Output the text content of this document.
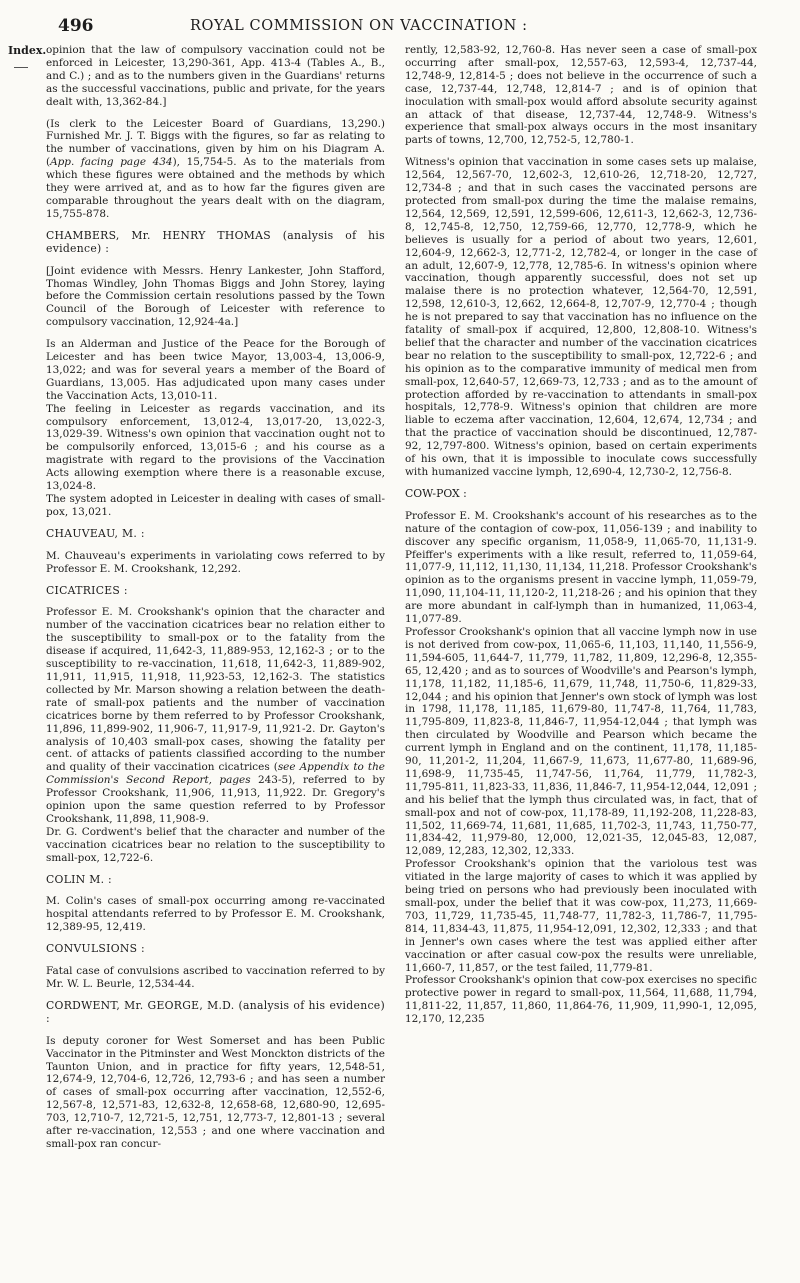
496	ROYAL COMMISSION ON VACCINATION :
Index. opinion that the law of compulsory vaccination could not be enforced in Leicester, 13,290-361, App. 413-4 (Tables A., B., and C.) ; and as to the numbers given in the Guardians' returns as the successful vaccinations, public and private, for the years dealt with, 13,362-84.]

(Is clerk to the Leicester Board of Guardians, 13,290.) Furnished Mr. J. T. Biggs with the figures, so far as relating to the number of vaccinations, given by him on his Diagram A. (App. facing page 434), 15,754-5. As to the materials from which these figures were obtained and the methods by which they were arrived at, and as to how far the figures given are comparable throughout the years dealt with on the diagram, 15,755-878.

CHAMBERS, Mr. HENRY THOMAS (analysis of his evidence) :

[Joint evidence with Messrs. Henry Lankester, John Stafford, Thomas Windley, John Thomas Biggs and John Storey, laying before the Commission certain resolutions passed by the Town Council of the Borough of Leicester with reference to compulsory vaccination, 12,924-4a.]

Is an Alderman and Justice of the Peace for the Borough of Leicester and has been twice Mayor, 13,003-4, 13,006-9, 13,022; and was for several years a member of the Board of Guardians, 13,005. Has adjudicated upon many cases under the Vaccination Acts, 13,010-11.

The feeling in Leicester as regards vaccination, and its compulsory enforcement, 13,012-4, 13,017-20, 13,022-3, 13,029-39. Witness's own opinion that vaccination ought not to be compulsorily enforced, 13,015-6 ; and his course as a magistrate with regard to the provisions of the Vaccination Acts allowing exemption where there is a reasonable excuse, 13,024-8.

The system adopted in Leicester in dealing with cases of small-pox, 13,021.

CHAUVEAU, M. :

M. Chauveau's experiments in variolating cows referred to by Professor E. M. Crookshank, 12,292.

CICATRICES :

Professor E. M. Crookshank's opinion that the character and number of the vaccination cicatrices bear no relation either to the susceptibility to small-pox or to the fatality from the disease if acquired, 11,642-3, 11,889-953, 12,162-3 ; or to the susceptibility to re-vaccination, 11,618, 11,642-3, 11,889-902, 11,911, 11,915, 11,918, 11,923-53, 12,162-3. The statistics collected by Mr. Marson showing a relation between the death-rate of small-pox patients and the number of vaccination cicatrices borne by them referred to by Professor Crookshank, 11,896, 11,899-902, 11,906-7, 11,917-9, 11,921-2. Dr. Gayton's analysis of 10,403 small-pox cases, showing the fatality per cent. of attacks of patients classified according to the number and quality of their vaccination cicatrices (see Appendix to the Commission's Second Report, pages 243-5), referred to by Professor Crookshank, 11,906, 11,913, 11,922. Dr. Gregory's opinion upon the same question referred to by Professor Crookshank, 11,898, 11,908-9.

Dr. G. Cordwent's belief that the character and number of the vaccination cicatrices bear no relation to the susceptibility to small-pox, 12,722-6.

COLIN M. :

M. Colin's cases of small-pox occurring among re-vaccinated hospital attendants referred to by Professor E. M. Crookshank, 12,389-95, 12,419.

CONVULSIONS :

Fatal case of convulsions ascribed to vaccination referred to by Mr. W. L. Beurle, 12,534-44.

CORDWENT, Mr. GEORGE, M.D. (analysis of his evidence) :

Is deputy coroner for West Somerset and has been Public Vaccinator in the Pitminster and West Monckton districts of the Taunton Union, and in practice for fifty years, 12,548-51, 12,674-9, 12,704-6, 12,726, 12,793-6 ; and has seen a number of cases of small-pox occurring after vaccination, 12,552-6, 12,567-8, 12,571-83, 12,632-8, 12,658-68, 12,680-90, 12,695-703, 12,710-7, 12,721-5, 12,751, 12,773-7, 12,801-13 ; several after re-vaccination, 12,553 ; and one where vaccination and small-pox ran concur-

rently, 12,583-92, 12,760-8. Has never seen a case of small-pox occurring after small-pox, 12,557-63, 12,593-4, 12,737-44, 12,748-9, 12,814-5 ; does not believe in the occurrence of such a case, 12,737-44, 12,748, 12,814-7 ; and is of opinion that inoculation with small-pox would afford absolute security against an attack of that disease, 12,737-44, 12,748-9. Witness's experience that small-pox always occurs in the most insanitary parts of towns, 12,700, 12,752-5, 12,780-1.

Witness's opinion that vaccination in some cases sets up malaise, 12,564, 12,567-70, 12,602-3, 12,610-26, 12,718-20, 12,727, 12,734-8 ; and that in such cases the vaccinated persons are protected from small-pox during the time the malaise remains, 12,564, 12,569, 12,591, 12,599-606, 12,611-3, 12,662-3, 12,736-8, 12,745-8, 12,750, 12,759-66, 12,770, 12,778-9, which he believes is usually for a period of about two years, 12,601, 12,604-9, 12,662-3, 12,771-2, 12,782-4, or longer in the case of an adult, 12,607-9, 12,778, 12,785-6. In witness's opinion where vaccination, though apparently successful, does not set up malaise there is no protection whatever, 12,564-70, 12,591, 12,598, 12,610-3, 12,662, 12,664-8, 12,707-9, 12,770-4 ; though he is not prepared to say that vaccination has no influence on the fatality of small-pox if acquired, 12,800, 12,808-10. Witness's belief that the character and number of the vaccination cicatrices bear no relation to the susceptibility to small-pox, 12,722-6 ; and his opinion as to the comparative immunity of medical men from small-pox, 12,640-57, 12,669-73, 12,733 ; and as to the amount of protection afforded by re-vaccination to attendants in small-pox hospitals, 12,778-9. Witness's opinion that children are more liable to eczema after vaccination, 12,604, 12,674, 12,734 ; and that the practice of vaccination should be discontinued, 12,787-92, 12,797-800. Witness's opinion, based on certain experiments of his own, that it is impossible to inoculate cows successfully with humanized vaccine lymph, 12,690-4, 12,730-2, 12,756-8.

COW-POX :

Professor E. M. Crookshank's account of his researches as to the nature of the contagion of cow-pox, 11,056-139 ; and inability to discover any specific organism, 11,058-9, 11,065-70, 11,131-9. Pfeiffer's experiments with a like result, referred to, 11,059-64, 11,077-9, 11,112, 11,130, 11,134, 11,218. Professor Crookshank's opinion as to the organisms present in vaccine lymph, 11,059-79, 11,090, 11,104-11, 11,120-2, 11,218-26 ; and his opinion that they are more abundant in calf-lymph than in humanized, 11,063-4, 11,077-89.

Professor Crookshank's opinion that all vaccine lymph now in use is not derived from cow-pox, 11,065-6, 11,103, 11,140, 11,556-9, 11,594-605, 11,644-7, 11,779, 11,782, 11,809, 12,296-8, 12,355-65, 12,420 ; and as to sources of Woodville's and Pearson's lymph, 11,178, 11,182, 11,185-6, 11,679, 11,748, 11,750-6, 11,829-33, 12,044 ; and his opinion that Jenner's own stock of lymph was lost in 1798, 11,178, 11,185, 11,679-80, 11,747-8, 11,764, 11,783, 11,795-809, 11,823-8, 11,846-7, 11,954-12,044 ; that lymph was then circulated by Woodville and Pearson which became the current lymph in England and on the continent, 11,178, 11,185-90, 11,201-2, 11,204, 11,667-9, 11,673, 11,677-80, 11,689-96, 11,698-9, 11,735-45, 11,747-56, 11,764, 11,779, 11,782-3, 11,795-811, 11,823-33, 11,836, 11,846-7, 11,954-12,044, 12,091 ; and his belief that the lymph thus circulated was, in fact, that of small-pox and not of cow-pox, 11,178-89, 11,192-208, 11,228-83, 11,502, 11,669-74, 11,681, 11,685, 11,702-3, 11,743, 11,750-77, 11,834-42, 11,979-80, 12,000, 12,021-35, 12,045-83, 12,087, 12,089, 12,283, 12,302, 12,333.

Professor Crookshank's opinion that the variolous test was vitiated in the large majority of cases to which it was applied by being tried on persons who had previously been inoculated with small-pox, under the belief that it was cow-pox, 11,273, 11,669-703, 11,729, 11,735-45, 11,748-77, 11,782-3, 11,786-7, 11,795-814, 11,834-43, 11,875, 11,954-12,091, 12,302, 12,333 ; and that in Jenner's own cases where the test was applied either after vaccination or after casual cow-pox the results were unreliable, 11,660-7, 11,857, or the test failed, 11,779-81.

Professor Crookshank's opinion that cow-pox exercises no specific protective power in regard to small-pox, 11,564, 11,688, 11,794, 11,811-22, 11,857, 11,860, 11,864-76, 11,909, 11,990-1, 12,095, 12,170, 12,235
